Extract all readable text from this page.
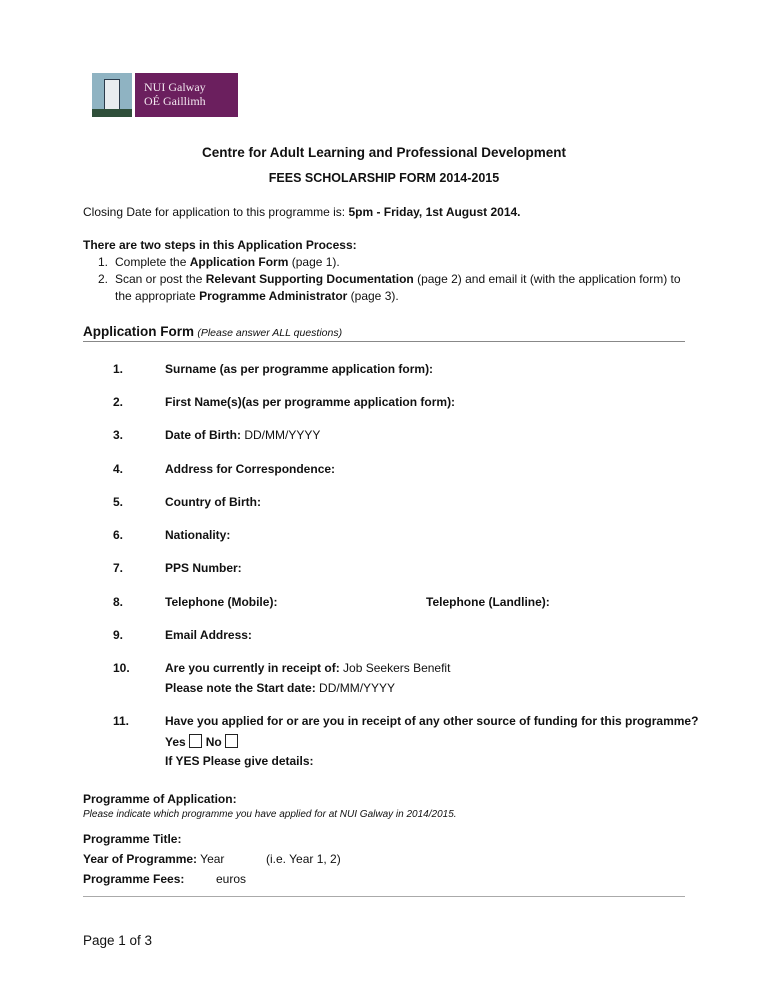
NUI Galway
OÉ Gaillimh
Centre for Adult Learning and Professional Development
FEES SCHOLARSHIP FORM 2014-2015
Closing Date for application to this programme is: 5pm - Friday, 1st August 2014.
There are two steps in this Application Process:
1. Complete the Application Form (page 1).
2. Scan or post the Relevant Supporting Documentation (page 2) and email it (with the application form) to
the appropriate Programme Administrator (page 3).
Application Form (Please answer ALL questions)
1.	Surname (as per programme application form):
2.	First Name(s)(as per programme application form):
3.	Date of Birth: DD/MM/YYYY
4.	Address for Correspondence:
5.	Country of Birth:
6.	Nationality:
7.	PPS Number:
8.	Telephone (Mobile):	Telephone (Landline):
9.	Email Address:
10.	Are you currently in receipt of: Job Seekers Benefit
Please note the Start date: DD/MM/YYYY
11.	Have you applied for or are you in receipt of any other source of funding for this programme?
Yes No
If YES Please give details:
Programme of Application:
Please indicate which programme you have applied for at NUI Galway in 2014/2015.
Programme Title:
Year of Programme: Year	(i.e. Year 1, 2)
Programme Fees:	euros
Page 1 of 3
